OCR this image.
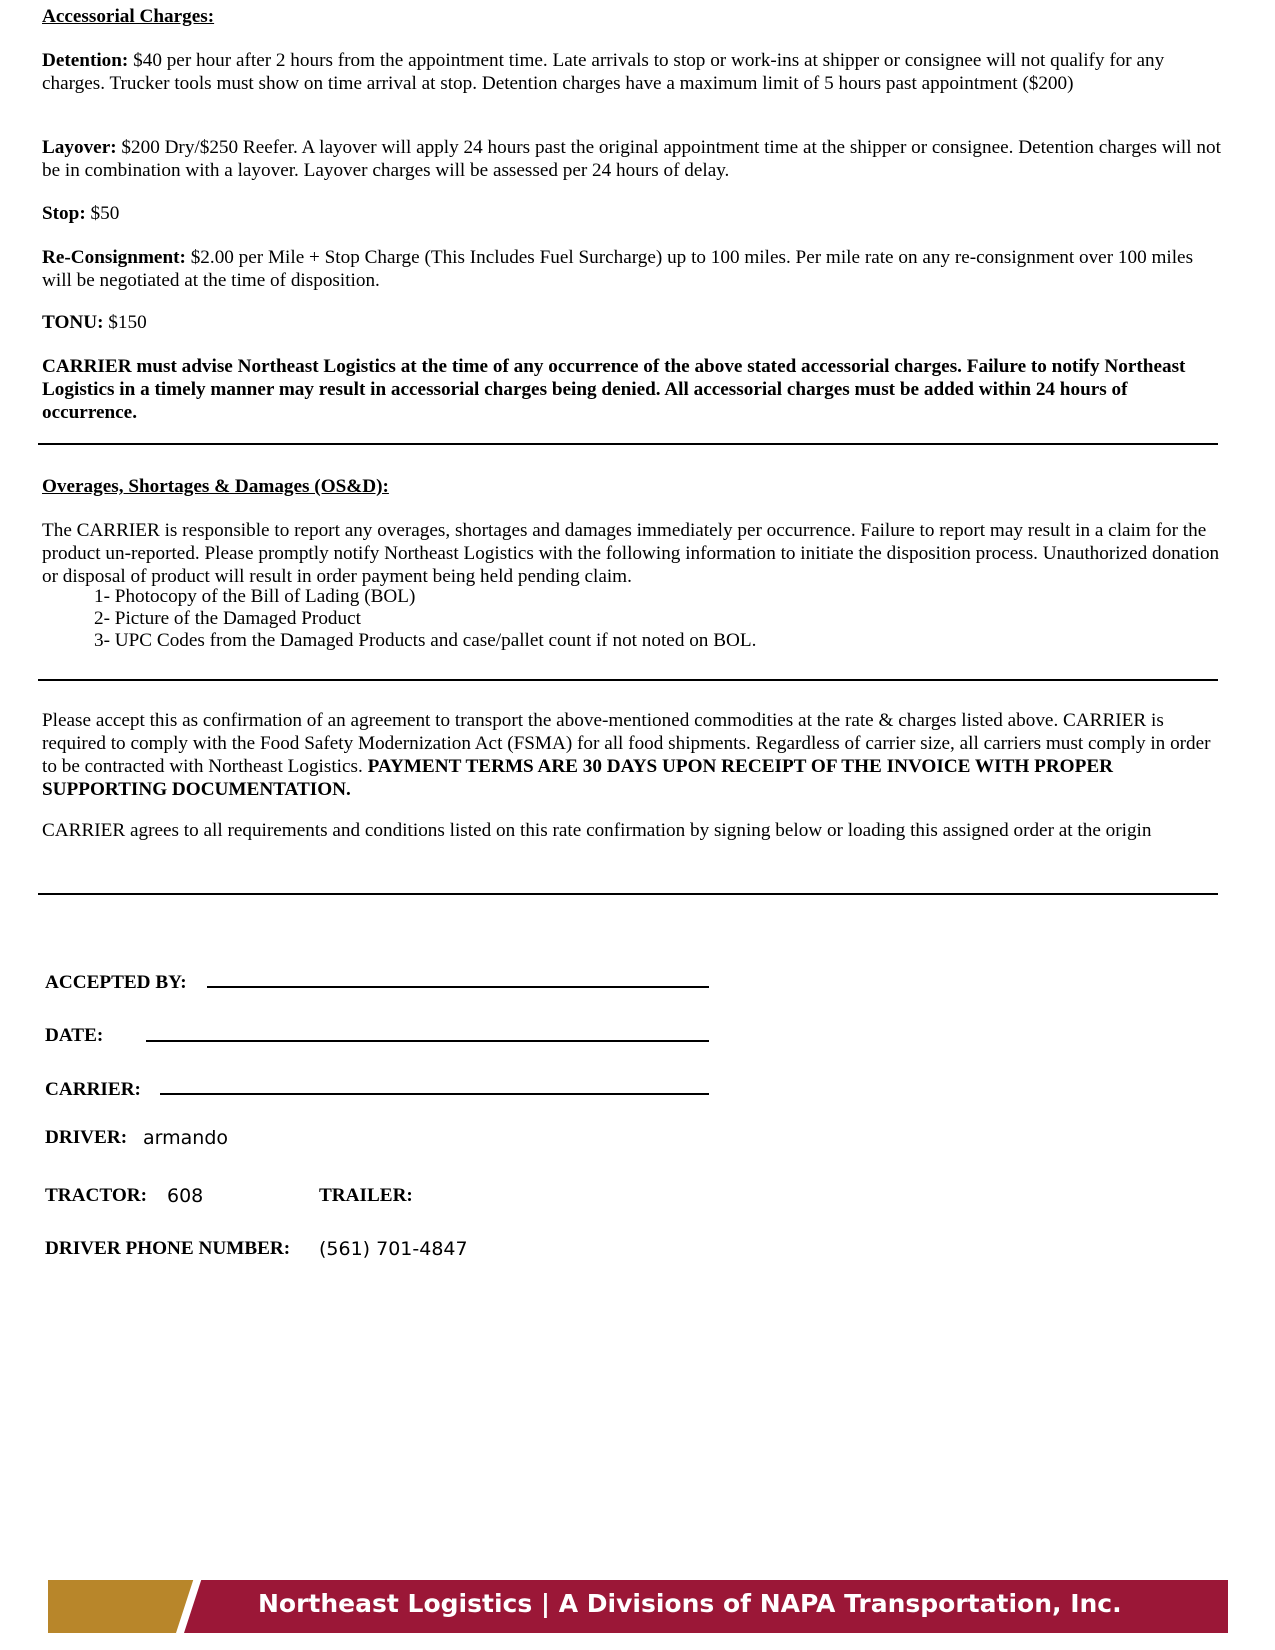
Accessorial Charges:

Detention: $40 per hour after 2 hours from the appointment time. Late arrivals to stop or work-ins at shipper or consignee will not qualify for any charges. Trucker tools must show on time arrival at stop. Detention charges have a maximum limit of 5 hours past appointment ($200)

Layover: $200 Dry/$250 Reefer. A layover will apply 24 hours past the original appointment time at the shipper or consignee. Detention charges will not be in combination with a layover. Layover charges will be assessed per 24 hours of delay.

Stop: $50

Re-Consignment: $2.00 per Mile + Stop Charge (This Includes Fuel Surcharge) up to 100 miles. Per mile rate on any re-consignment over 100 miles will be negotiated at the time of disposition.

TONU: $150

CARRIER must advise Northeast Logistics at the time of any occurrence of the above stated accessorial charges. Failure to notify Northeast Logistics in a timely manner may result in accessorial charges being denied. All accessorial charges must be added within 24 hours of occurrence.

Overages, Shortages & Damages (OS&D):

The CARRIER is responsible to report any overages, shortages and damages immediately per occurrence. Failure to report may result in a claim for the product un-reported. Please promptly notify Northeast Logistics with the following information to initiate the disposition process. Unauthorized donation or disposal of product will result in order payment being held pending claim.

1- Photocopy of the Bill of Lading (BOL)
2- Picture of the Damaged Product
3- UPC Codes from the Damaged Products and case/pallet count if not noted on BOL.

Please accept this as confirmation of an agreement to transport the above-mentioned commodities at the rate & charges listed above. CARRIER is required to comply with the Food Safety Modernization Act (FSMA) for all food shipments. Regardless of carrier size, all carriers must comply in order to be contracted with Northeast Logistics. PAYMENT TERMS ARE 30 DAYS UPON RECEIPT OF THE INVOICE WITH PROPER SUPPORTING DOCUMENTATION.

CARRIER agrees to all requirements and conditions listed on this rate confirmation by signing below or loading this assigned order at the origin

ACCEPTED BY:
DATE:
CARRIER:
DRIVER: armando
TRACTOR: 608	TRAILER:
DRIVER PHONE NUMBER: (561) 701-4847
Northeast Logistics | A Divisions of NAPA Transportation, Inc.
